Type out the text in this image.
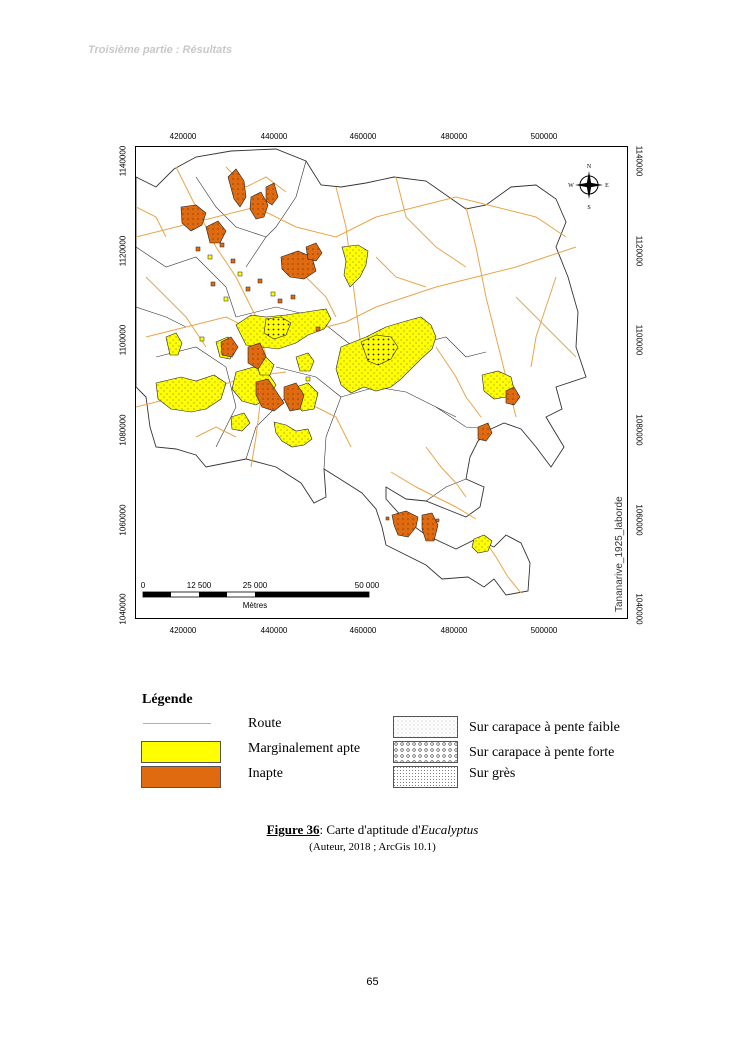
Troisième partie : Résultats
420000	440000	460000	480000	500000
420000	440000	460000	480000	500000
1140000
1120000
1100000
1080000
1060000
1040000
1140000
1120000
1100000
1080000
1060000
1040000
N
S
E
W
0	12 500	25 000	50 000
Mètres	Tananarive_1925_laborde
Légende
Route
Marginalement apte
Inapte
Sur carapace à pente faible
Sur carapace à pente forte
Sur grès
Figure 36: Carte d'aptitude d'Eucalyptus
(Auteur, 2018 ; ArcGis 10.1)
65
